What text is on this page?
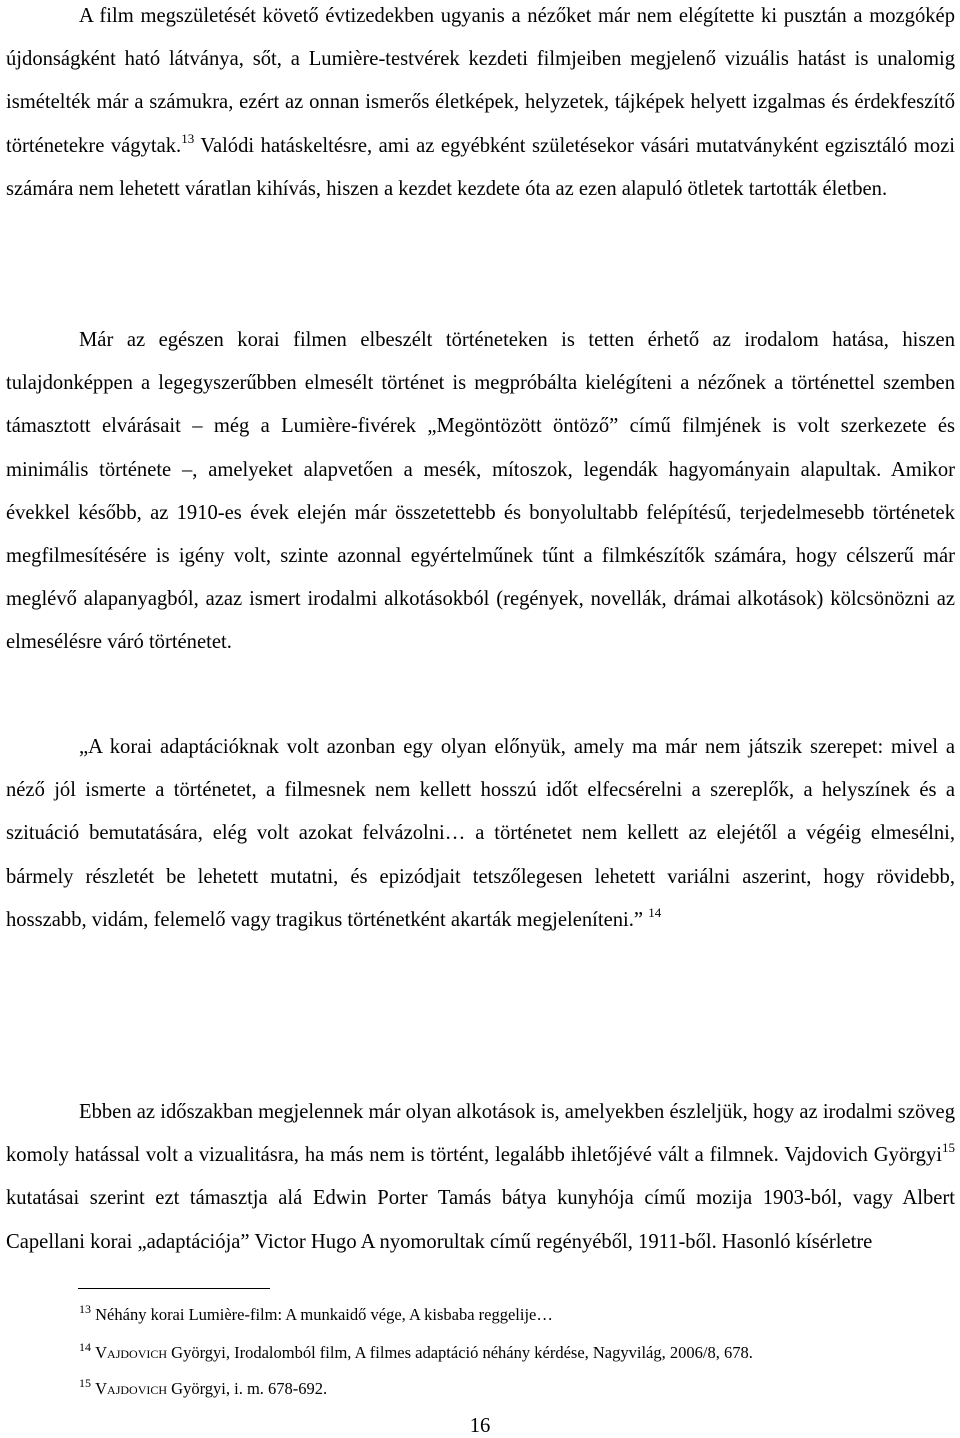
A film megszületését követő évtizedekben ugyanis a nézőket már nem elégítette ki pusztán a mozgókép újdonságként ható látványa, sőt, a Lumière-testvérek kezdeti filmjeiben megjelenő vizuális hatást is unalomig ismételték már a számukra, ezért az onnan ismerős életképek, helyzetek, tájképek helyett izgalmas és érdekfeszítő történetekre vágytak.$^{13}$ Valódi hatáskeltésre, ami az egyébként születésekor vásári mutatványként egzisztáló mozi számára nem lehetett váratlan kihívás, hiszen a kezdet kezdete óta az ezen alapuló ötletek tartották életben.

Már az egészen korai filmen elbeszélt történeteken is tetten érhető az irodalom hatása, hiszen tulajdonképpen a legegyszerűbben elmesélt történet is megpróbálta kielégíteni a nézőnek a történettel szemben támasztott elvárásait – még a Lumière-fivérek „Megöntözött öntöző” című filmjének is volt szerkezete és minimális története –, amelyeket alapvetően a mesék, mítoszok, legendák hagyományain alapultak. Amikor évekkel később, az 1910-es évek elején már összetettebb és bonyolultabb felépítésű, terjedelmesebb történetek megfilmesítésére is igény volt, szinte azonnal egyértelműnek tűnt a filmkészítők számára, hogy célszerű már meglévő alapanyagból, azaz ismert irodalmi alkotásokból (regények, novellák, drámai alkotások) kölcsönözni az elmesélésre váró történetet.

„A korai adaptációknak volt azonban egy olyan előnyük, amely ma már nem játszik szerepet: mivel a néző jól ismerte a történetet, a filmesnek nem kellett hosszú időt elfecsérelni a szereplők, a helyszínek és a szituáció bemutatására, elég volt azokat felvázolni… a történetet nem kellett az elejétől a végéig elmesélni, bármely részletét be lehetett mutatni, és epizódjait tetszőlegesen lehetett variálni aszerint, hogy rövidebb, hosszabb, vidám, felemelő vagy tragikus történetként akarták megjeleníteni.” $^{14}$

Ebben az időszakban megjelennek már olyan alkotások is, amelyekben észleljük, hogy az irodalmi szöveg komoly hatással volt a vizualitásra, ha más nem is történt, legalább ihletőjévé vált a filmnek. Vajdovich Györgyi$^{15}$ kutatásai szerint ezt támasztja alá Edwin Porter Tamás bátya kunyhója című mozija 1903-ból, vagy Albert Capellani korai „adaptációja” Victor Hugo A nyomorultak című regényéből, 1911-ből. Hasonló kísérletre

$^{13}$ Néhány korai Lumière-film: A munkaidő vége, A kisbaba reggelije…
$^{14}$ Vajdovich Györgyi, Irodalomból film, A filmes adaptáció néhány kérdése, Nagyvilág, 2006/8, 678.
$^{15}$ Vajdovich Györgyi, i. m. 678-692.
16
